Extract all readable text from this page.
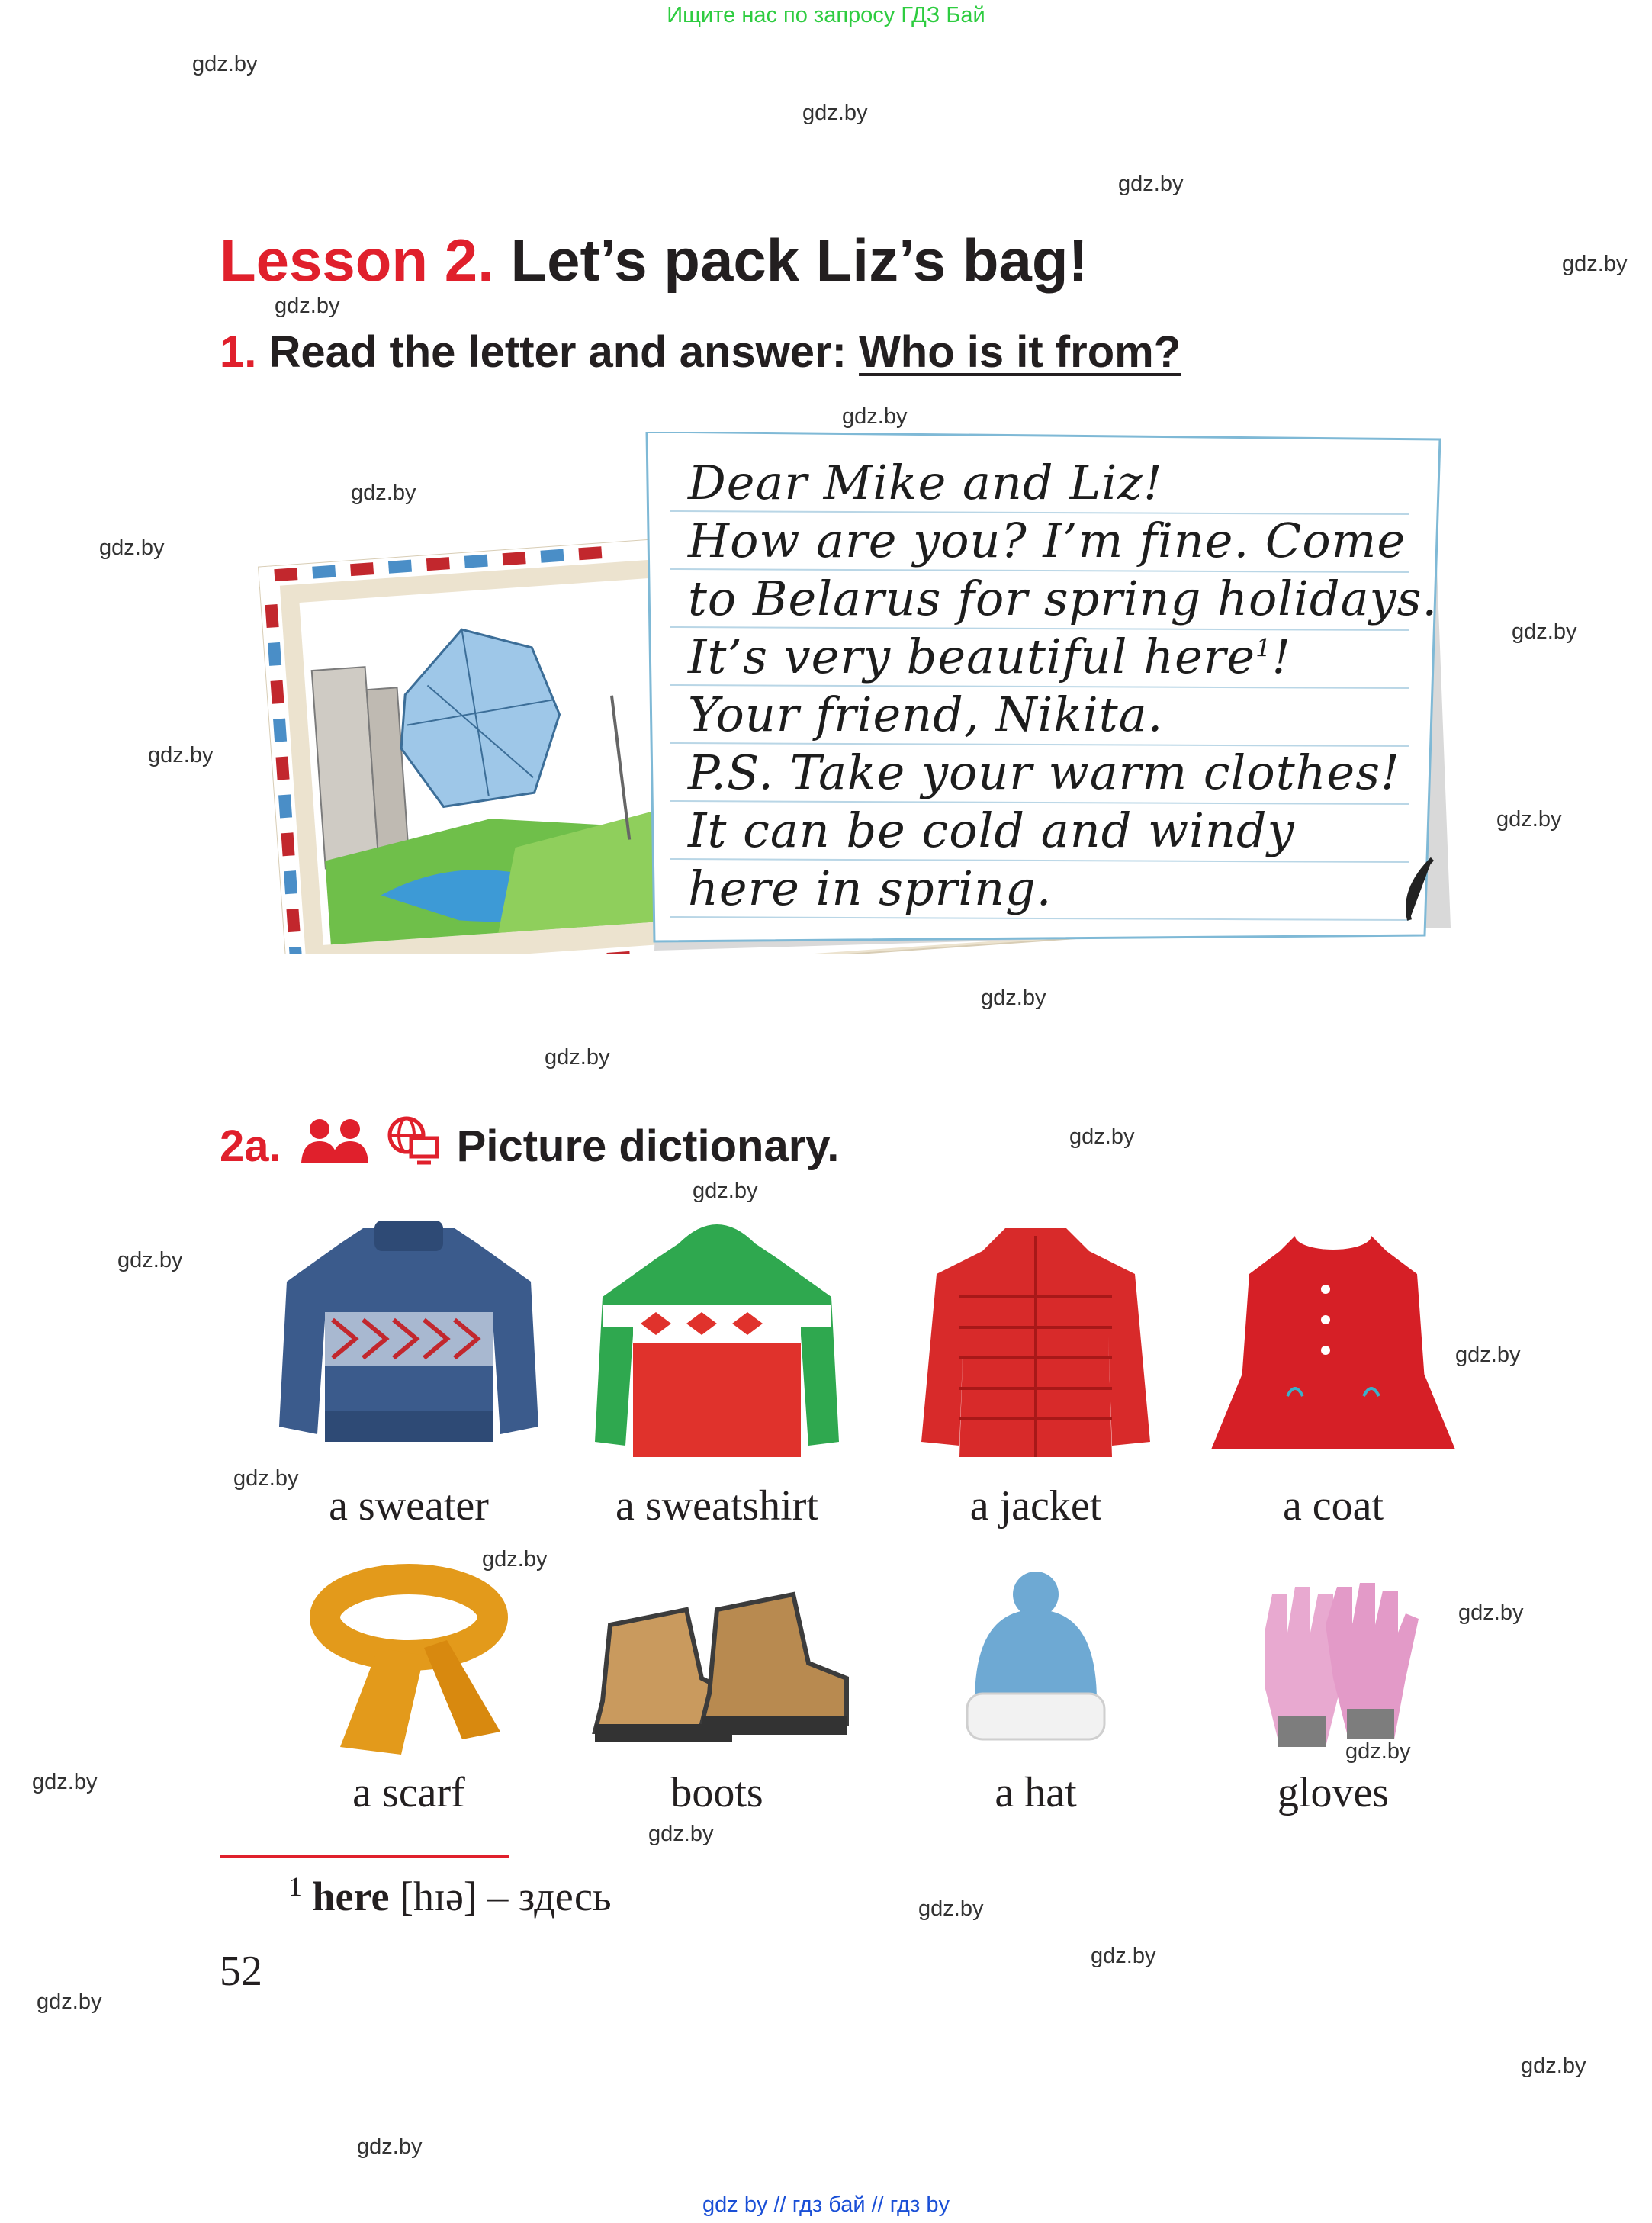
Ищите нас по запросу ГДЗ Бай
gdz.by
gdz.by
gdz.by
gdz.by
gdz.by
gdz.by
gdz.by
gdz.by
gdz.by
gdz.by
gdz.by
gdz.by
gdz.by
gdz.by
gdz.by
gdz.by
gdz.by
gdz.by
gdz.by
gdz.by
gdz.by
gdz.by
gdz.by
gdz.by
gdz.by
gdz.by
gdz.by
gdz.by
Lesson 2. Let’s pack Liz’s bag!
1. Read the letter and answer: Who is it from?
Dear Mike and Liz!
How are you? I’m fine. Come
to Belarus for spring holidays.
It’s very beautiful here$^1$!
Your friend, Nikita.
P.S. Take your warm clothes!
It can be cold and windy
here in spring.
2a.	Picture dictionary.
a sweater	a sweatshirt	a jacket	a coat
a scarf	boots	a hat	gloves
$^1$ here [hɪə] – здесь
52
gdz by // гдз бай // гдз by
